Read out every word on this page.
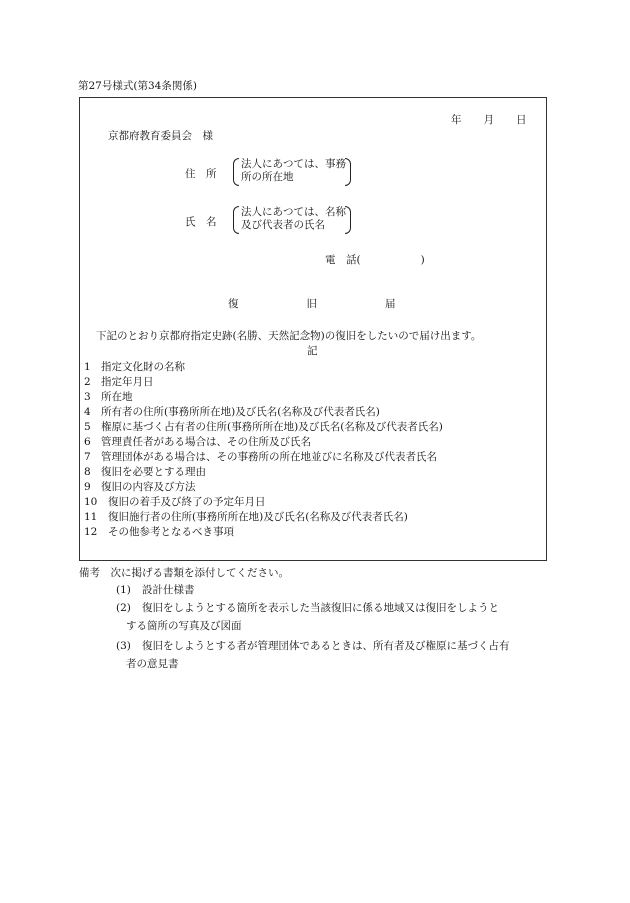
第27号様式(第34条関係)
年 月 日
京都府教育委員会　様
住　所
法人にあつては、事務
所の所在地
氏　名
法人にあつては、名称
及び代表者の氏名
電　話(	)
復	旧	届
下記のとおり京都府指定史跡(名勝、天然記念物)の復旧をしたいので届け出ます。
記
1 指定文化財の名称
2 指定年月日
3 所在地
4 所有者の住所(事務所所在地)及び氏名(名称及び代表者氏名)
5 権原に基づく占有者の住所(事務所所在地)及び氏名(名称及び代表者氏名)
6 管理責任者がある場合は、その住所及び氏名
7 管理団体がある場合は、その事務所の所在地並びに名称及び代表者氏名
8 復旧を必要とする理由
9 復旧の内容及び方法
10 復旧の着手及び終了の予定年月日
11 復旧施行者の住所(事務所所在地)及び氏名(名称及び代表者氏名)
12 その他参考となるべき事項
備考　次に掲げる書類を添付してください。
(1) 設計仕様書
(2) 復旧をしようとする箇所を表示した当該復旧に係る地域又は復旧をしようと
する箇所の写真及び図面
(3) 復旧をしようとする者が管理団体であるときは、所有者及び権原に基づく占有
者の意見書
